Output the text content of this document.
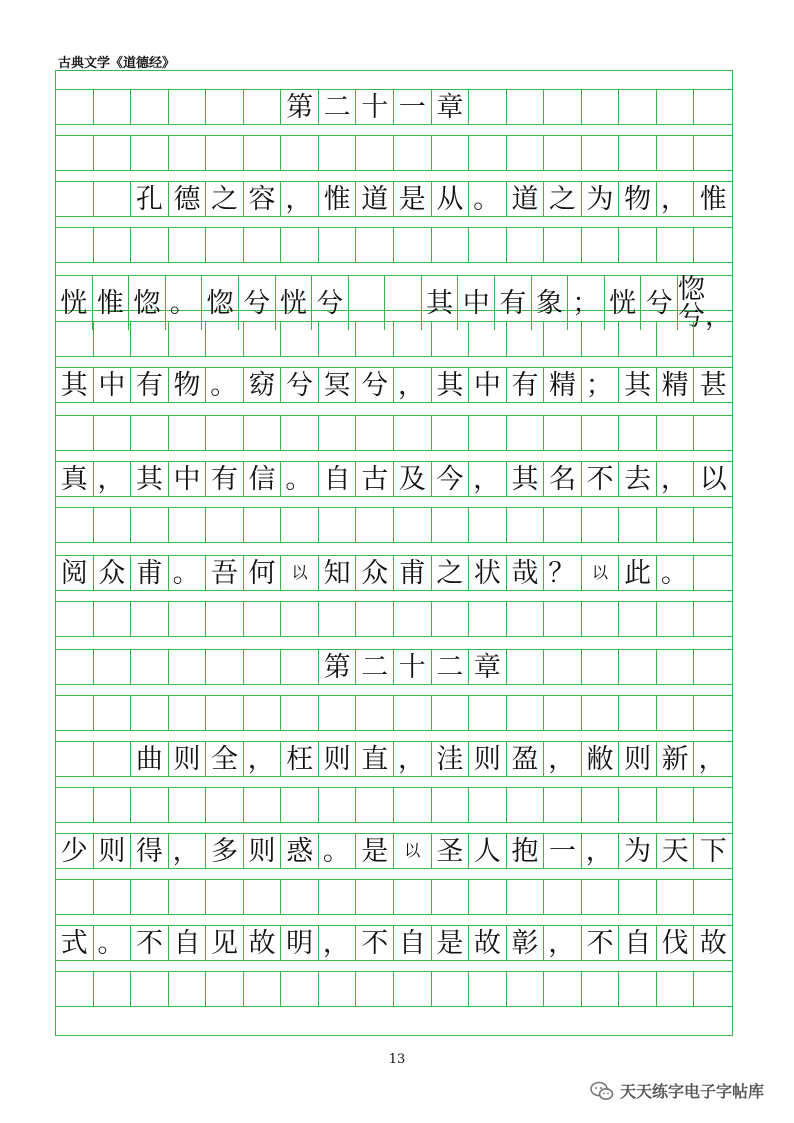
古典文学《道德经》
第 二 十 一 章
孔 德 之 容 ， 惟 道 是 从 。 道 之 为 物 ， 惟
恍 惟 惚 。 惚 兮 恍 兮	其 中 有 象 ； 恍 兮 惚兮，
其 中 有 物 。 窈 兮 冥 兮 ， 其 中 有 精 ； 其 精 甚
真 ， 其 中 有 信 。 自 古 及 今 ， 其 名 不 去 ， 以
阅 众 甫 。 吾 何	以 知 众 甫 之 状 哉 ？	以 此 。
第 二 十 二 章
曲 则 全 ， 枉 则 直 ， 洼 则 盈 ， 敝 则 新 ，
少 则 得 ， 多 则 惑 。 是	以 圣 人 抱 一 ， 为 天 下
式 。 不 自 见 故 明 ， 不 自 是 故 彰 ， 不 自 伐 故
13
天天练字电子字帖库
